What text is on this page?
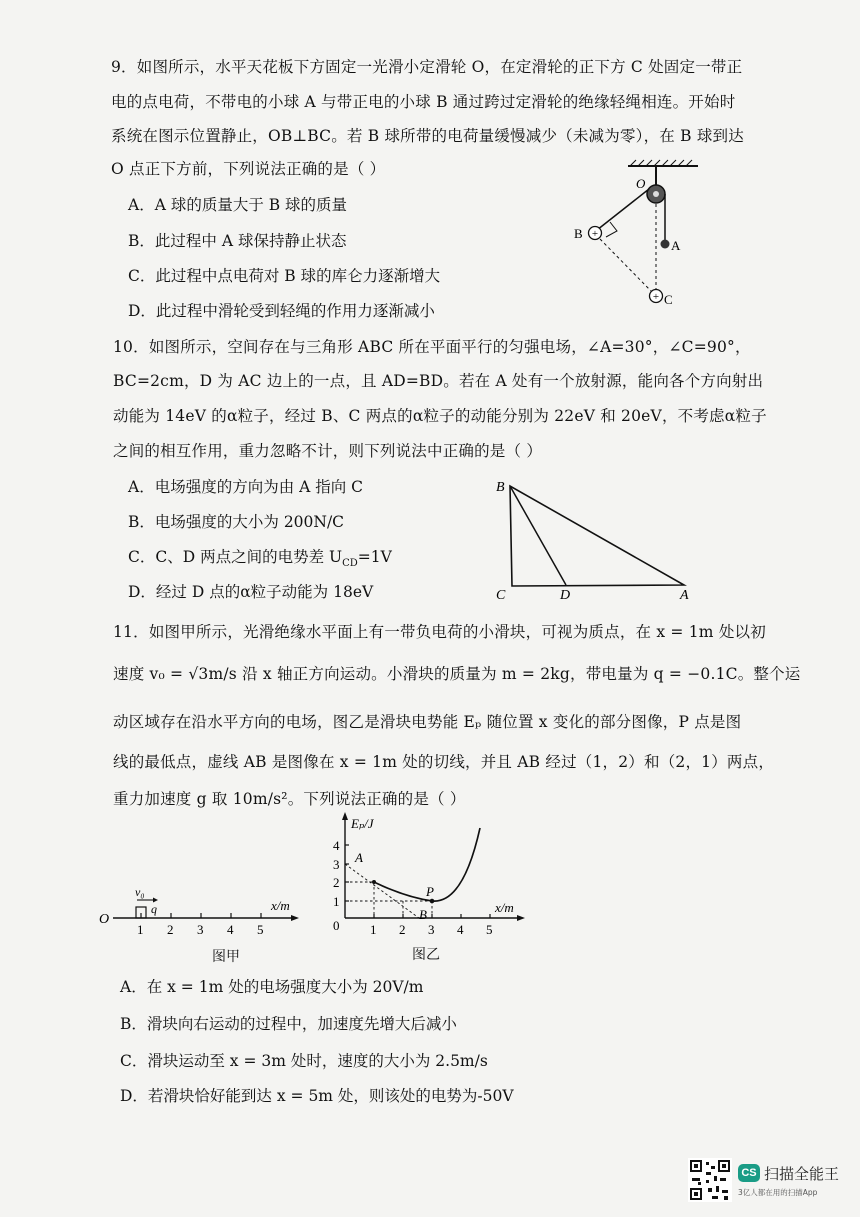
9．如图所示，水平天花板下方固定一光滑小定滑轮 O，在定滑轮的正下方 C 处固定一带正
电的点电荷，不带电的小球 A 与带正电的小球 B 通过跨过定滑轮的绝缘轻绳相连。开始时
系统在图示位置静止，OB⊥BC。若 B 球所带的电荷量缓慢减少（未减为零），在 B 球到达
O 点正下方前，下列说法正确的是（ ）
A．A 球的质量大于 B 球的质量
B．此过程中 A 球保持静止状态
C．此过程中点电荷对 B 球的库仑力逐渐增大
D．此过程中滑轮受到轻绳的作用力逐渐减小
A
+
B
+ C
O
10．如图所示，空间存在与三角形 ABC 所在平面平行的匀强电场，∠A=30°，∠C=90°，
BC=2cm，D 为 AC 边上的一点，且 AD=BD。若在 A 处有一个放射源，能向各个方向射出
动能为 14eV 的α粒子，经过 B、C 两点的α粒子的动能分别为 22eV 和 20eV，不考虑α粒子
之间的相互作用，重力忽略不计，则下列说法中正确的是（ ）
A．电场强度的方向为由 A 指向 C
B．电场强度的大小为 200N/C
C．C、D 两点之间的电势差 $U_{CD}=1V$
D．经过 D 点的α粒子动能为 18eV
B
C	D	A
11．如图甲所示，光滑绝缘水平面上有一带负电荷的小滑块，可视为质点，在 x = 1m 处以初
速度 v₀ = √3m/s 沿 x 轴正方向运动。小滑块的质量为 m = 2kg，带电量为 q = −0.1C。整个运
动区域存在沿水平方向的电场，图乙是滑块电势能 Eₚ 随位置 x 变化的部分图像，P 点是图
线的最低点，虚线 AB 是图像在 x = 1m 处的切线，并且 AB 经过（1，2）和（2，1）两点，
重力加速度 g 取 10m/s²。下列说法正确的是（ ）
O
1 2 3 4 5
x/m
q
v₀
图甲
Eₚ/J
x/m
0 1 2 3 4 5
1
2
3
4
A
P
B
图乙
A．在 x = 1m 处的电场强度大小为 20V/m
B．滑块向右运动的过程中，加速度先增大后减小
C．滑块运动至 x = 3m 处时，速度的大小为 2.5m/s
D．若滑块恰好能到达 x = 5m 处，则该处的电势为-50V
CS 扫描全能王
3亿人都在用的扫描App
